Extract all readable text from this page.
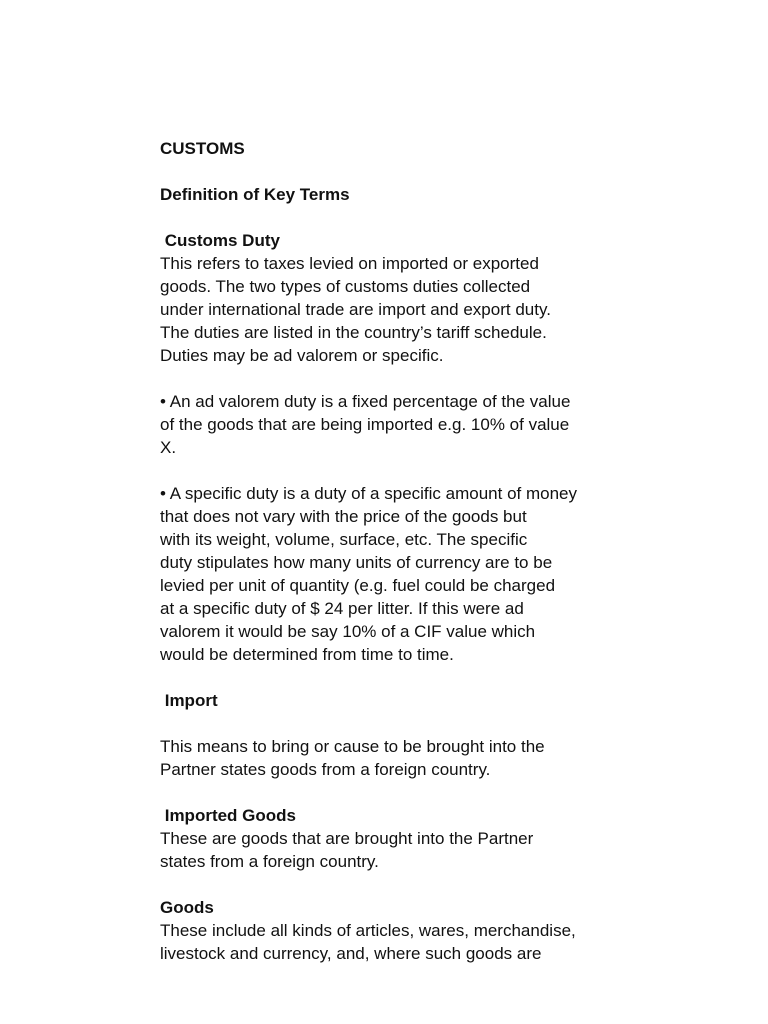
CUSTOMS
Definition of Key Terms
Customs Duty
This refers to taxes levied on imported or exported
goods. The two types of customs duties collected
under international trade are import and export duty.
The duties are listed in the country’s tariff schedule.
Duties may be ad valorem or specific.
• An ad valorem duty is a fixed percentage of the value
of the goods that are being imported e.g. 10% of value
X.
• A specific duty is a duty of a specific amount of money
that does not vary with the price of the goods but
with its weight, volume, surface, etc. The specific
duty stipulates how many units of currency are to be
levied per unit of quantity (e.g. fuel could be charged
at a specific duty of $ 24 per litter. If this were ad
valorem it would be say 10% of a CIF value which
would be determined from time to time.
Import
This means to bring or cause to be brought into the
Partner states goods from a foreign country.
Imported Goods
These are goods that are brought into the Partner
states from a foreign country.
Goods
These include all kinds of articles, wares, merchandise,
livestock and currency, and, where such goods are
